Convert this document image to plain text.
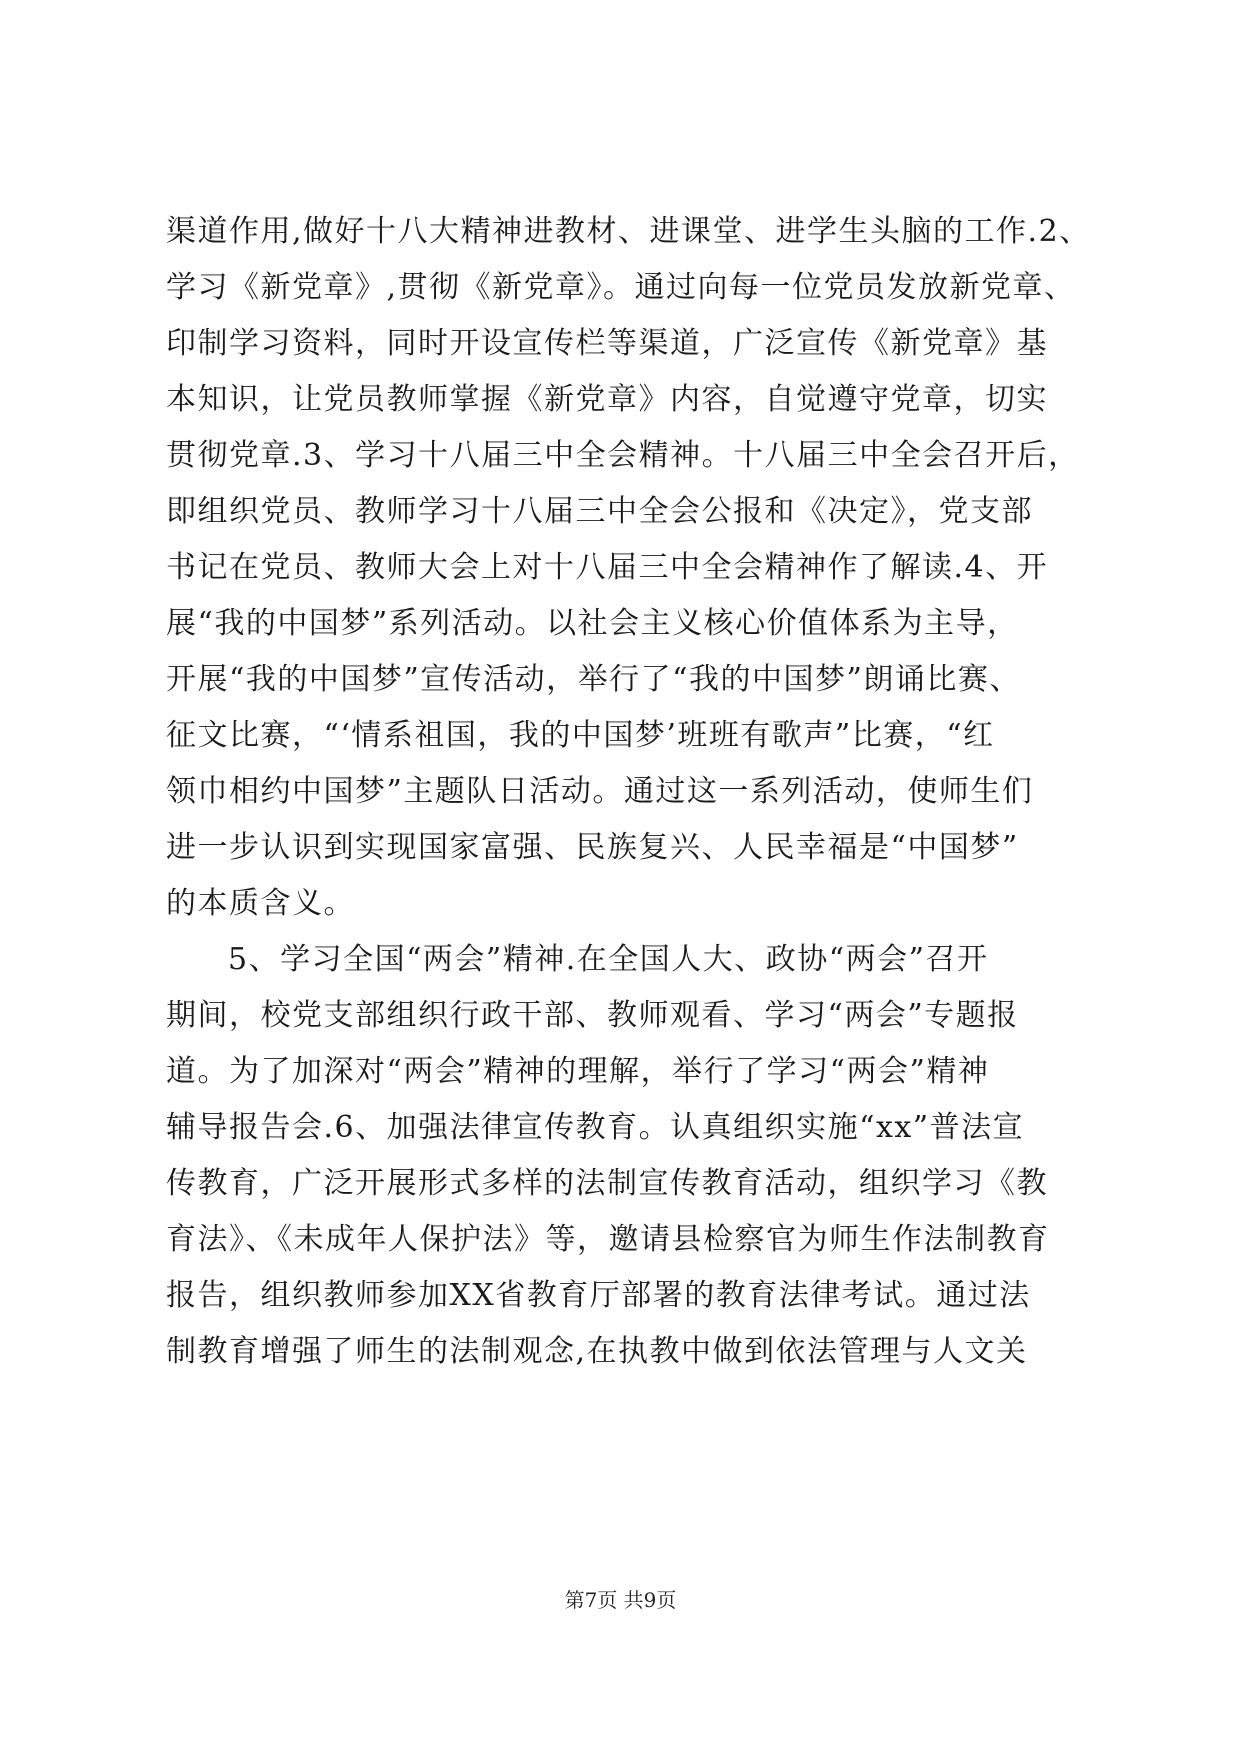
渠道作用,做好十八大精神进教材、进课堂、进学生头脑的工作.2、
学习《新党章》,贯彻《新党章》。通过向每一位党员发放新党章、
印制学习资料，同时开设宣传栏等渠道，广泛宣传《新党章》基
本知识，让党员教师掌握《新党章》内容，自觉遵守党章，切实
贯彻党章.3、学习十八届三中全会精神。十八届三中全会召开后，
即组织党员、教师学习十八届三中全会公报和《决定》，党支部
书记在党员、教师大会上对十八届三中全会精神作了解读.4、开
展“我的中国梦”系列活动。以社会主义核心价值体系为主导，
开展“我的中国梦”宣传活动，举行了“我的中国梦”朗诵比赛、
征文比赛，“‘情系祖国，我的中国梦’班班有歌声”比赛，“红
领巾相约中国梦”主题队日活动。通过这一系列活动，使师生们
进一步认识到实现国家富强、民族复兴、人民幸福是“中国梦”
的本质含义。
5、学习全国“两会”精神.在全国人大、政协“两会”召开
期间，校党支部组织行政干部、教师观看、学习“两会”专题报
道。为了加深对“两会”精神的理解，举行了学习“两会”精神
辅导报告会.6、加强法律宣传教育。认真组织实施“xx”普法宣
传教育，广泛开展形式多样的法制宣传教育活动，组织学习《教
育法》、《未成年人保护法》等，邀请县检察官为师生作法制教育
报告，组织教师参加XX省教育厅部署的教育法律考试。通过法
制教育增强了师生的法制观念,在执教中做到依法管理与人文关
第7页 共9页
